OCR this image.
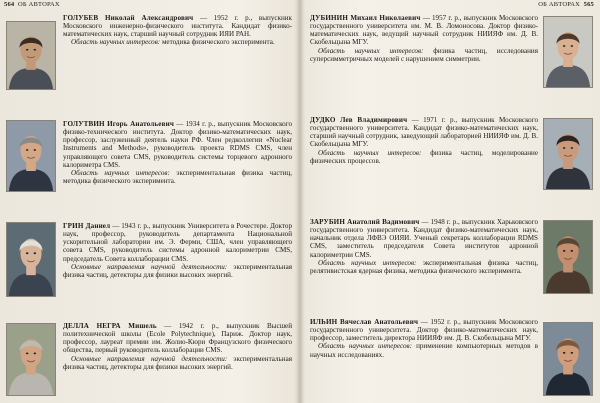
564 ОБ АВТОРАХ

ГОЛУБЕВ Николай Александрович — 1952 г. р., выпускник Московского инженерно-физического института. Кандидат физико-математических наук, старший научный сотрудник ИЯИ РАН.

Область научных интересов: методика физического эксперимента.

ГОЛУТВИН Игорь Анатольевич — 1934 г. р., выпускник Московского физико-технического института. Доктор физико-математических наук, профессор, заслуженный деятель науки РФ. Член редколлегии «Nuclear Instruments and Methods», руководитель проекта RDMS CMS, член управляющего совета CMS, руководитель системы торцевого адронного калориметра CMS.

Область научных интересов: экспериментальная физика частиц, методика физического эксперимента.

ГРИН Даниел — 1943 г. р., выпускник Университета в Рочестере. Доктор наук, профессор, руководитель департамента Национальной ускорительной лаборатории им. Э. Ферми, США, член управляющего совета CMS, руководитель системы адронной калориметрии CMS, председатель Совета коллаборации CMS.

Основные направления научной деятельности: экспериментальная физика частиц, детекторы для физики высоких энергий.

ДЕЛЛА НЕГРА Мишель — 1942 г. р., выпускник Высшей политехнической школы (Ecole Polytechnique), Париж. Доктор наук, профессор, лауреат премии им. Жолио-Кюри Французского физического общества, первый руководитель коллаборации CMS.

Основные направления научной деятельности: экспериментальная физика частиц, детекторы для физики высоких энергий.

ОБ АВТОРАХ 565

ДУБИНИН Михаил Николаевич — 1957 г. р., выпускник Московского государственного университета им. М. В. Ломоносова. Доктор физико-математических наук, ведущий научный сотрудник НИИЯФ им. Д. В. Скобельцына МГУ.

Область научных интересов: физика частиц, исследования суперсимметричных моделей с нарушением симметрии.

ДУДКО Лев Владимирович — 1971 г. р., выпускник Московского государственного университета. Кандидат физико-математических наук, старший научный сотрудник, заведующий лабораторией НИИЯФ им. Д. В. Скобельцына МГУ.

Область научных интересов: физика частиц, моделирование физических процессов.

ЗАРУБИН Анатолий Вадимович — 1948 г. р., выпускник Харьковского государственного университета. Кандидат физико-математических наук, начальник отдела ЛФВЭ ОИЯИ. Ученый секретарь коллаборации RDMS CMS, заместитель председателя Совета институтов адронной калориметрии CMS.

Область научных интересов: экспериментальная физика частиц, релятивистская ядерная физика, методика физического эксперимента.

ИЛЬИН Вячеслав Анатольевич — 1952 г. р., выпускник Московского государственного университета. Доктор физико-математических наук, профессор, заместитель директора НИИЯФ им. Д. В. Скобельцына МГУ.

Область научных интересов: применение компьютерных методов в научных исследованиях.
